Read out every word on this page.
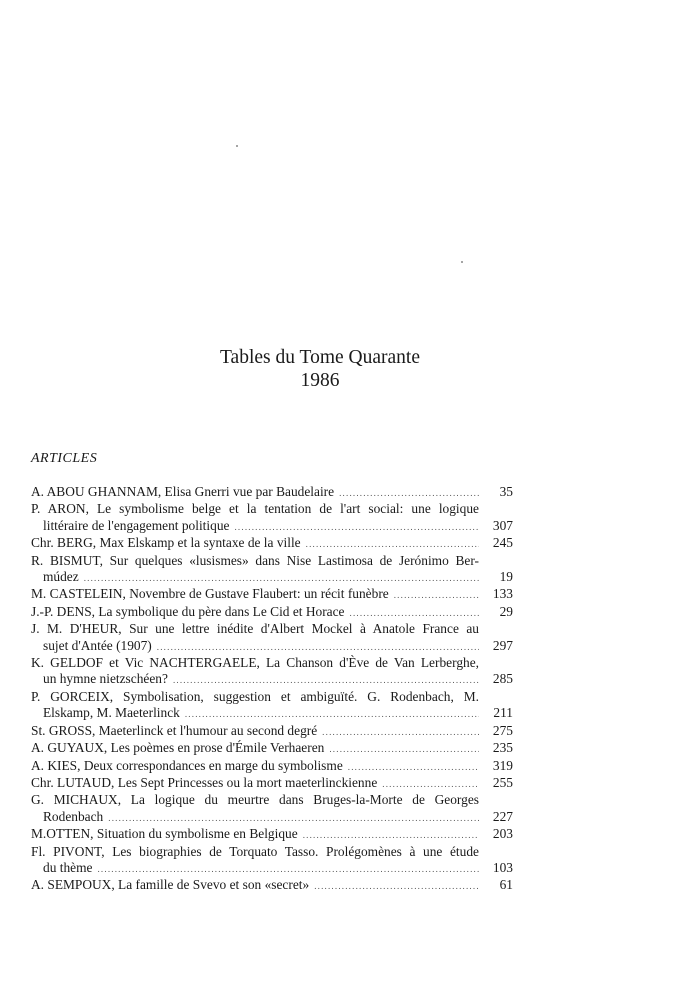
Tables du Tome Quarante
1986
ARTICLES
A. ABOU GHANNAM, Elisa Gnerri vue par Baudelaire .....	35
P. ARON, Le symbolisme belge et la tentation de l'art social: une logique
littéraire de l'engagement politique .....	307
Chr. BERG, Max Elskamp et la syntaxe de la ville .....	245
R. BISMUT, Sur quelques «lusismes» dans Nise Lastimosa de Jerónimo Ber-
múdez .....	19
M. CASTELEIN, Novembre de Gustave Flaubert: un récit funèbre .....	133
J.-P. DENS, La symbolique du père dans Le Cid et Horace .....	29
J. M. D'HEUR, Sur une lettre inédite d'Albert Mockel à Anatole France au
sujet d'Antée (1907) .....	297
K. GELDOF et Vic NACHTERGAELE, La Chanson d'Ève de Van Lerberghe,
un hymne nietzschéen? .....	285
P. GORCEIX, Symbolisation, suggestion et ambiguïté. G. Rodenbach, M.
Elskamp, M. Maeterlinck .....	211
St. GROSS, Maeterlinck et l'humour au second degré .....	275
A. GUYAUX, Les poèmes en prose d'Émile Verhaeren .....	235
A. KIES, Deux correspondances en marge du symbolisme .....	319
Chr. LUTAUD, Les Sept Princesses ou la mort maeterlinckienne .....	255
G. MICHAUX, La logique du meurtre dans Bruges-la-Morte de Georges
Rodenbach .....	227
M.OTTEN, Situation du symbolisme en Belgique .....	203
Fl. PIVONT, Les biographies de Torquato Tasso. Prolégomènes à une étude
du thème .....	103
A. SEMPOUX, La famille de Svevo et son «secret» .....	61
